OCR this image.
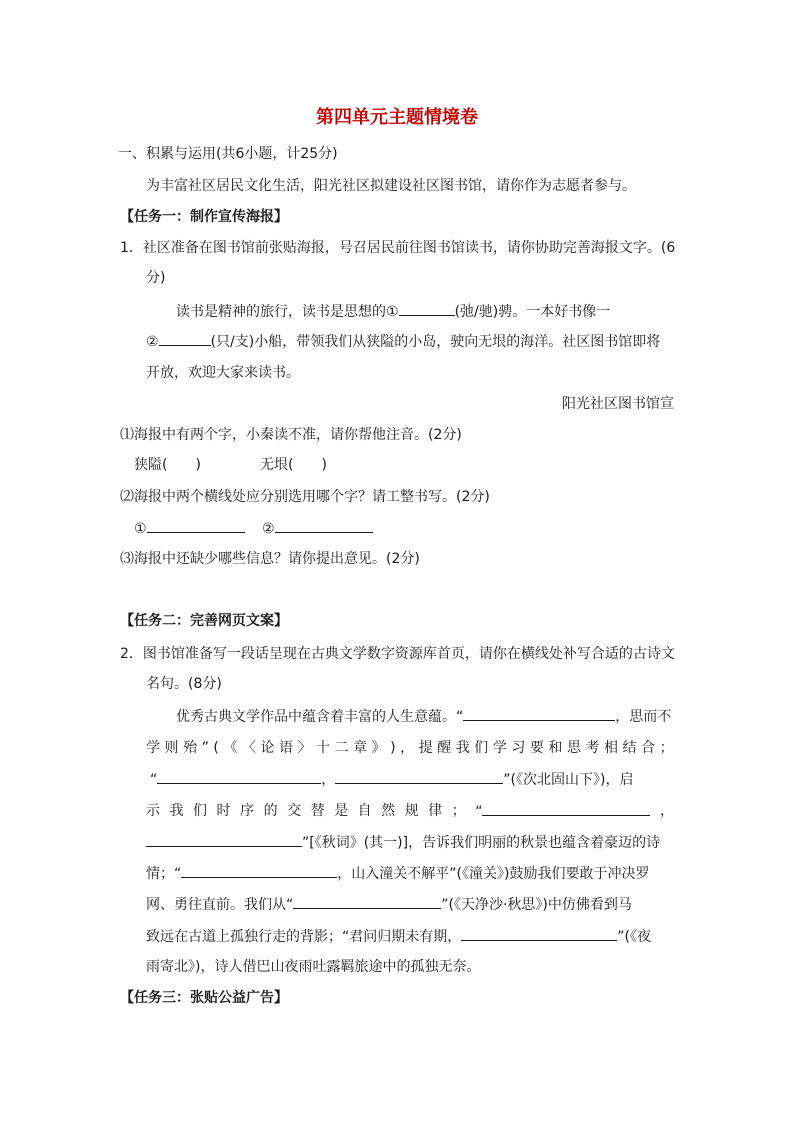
第四单元主题情境卷
一、积累与运用(共6小题，计25分)
为丰富社区居民文化生活，阳光社区拟建设社区图书馆，请你作为志愿者参与。
【任务一：制作宣传海报】
1．社区准备在图书馆前张贴海报，号召居民前往图书馆读书，请你协助完善海报文字。(6
分)
读书是精神的旅行，读书是思想的①	(弛/驰)骋。一本好书像一
②	(只/支)小船，带领我们从狭隘的小岛，驶向无垠的海洋。社区图书馆即将
开放，欢迎大家来读书。
阳光社区图书馆宣
⑴海报中有两个字，小秦读不准，请你帮他注音。(2分)
狭隘(　　)	无垠(　　)
⑵海报中两个横线处应分别选用哪个字？请工整书写。(2分)
①	②
⑶海报中还缺少哪些信息？请你提出意见。(2分)
【任务二：完善网页文案】
2．图书馆准备写一段话呈现在古典文学数字资源库首页，请你在横线处补写合适的古诗文
名句。(8分)
优秀古典文学作品中蕴含着丰富的人生意蕴。“	，思而不
学 则 殆 ” ( 《 〈 论 语 〉 十 二 章 》 ) ， 提 醒 我 们 学 习 要 和 思 考 相 结 合 ；
“	，	”(《次北固山下》)，启
示 我 们 时 序 的 交 替 是 自 然 规 律 ； “	，
”[《秋词》(其一)]，告诉我们明丽的秋景也蕴含着豪迈的诗
情；“	，山入潼关不解平”(《潼关》)鼓励我们要敢于冲决罗
网、勇往直前。我们从“	”(《天净沙·秋思》)中仿佛看到马
致远在古道上孤独行走的背影；“君问归期未有期，	”(《夜
雨寄北》)，诗人借巴山夜雨吐露羁旅途中的孤独无奈。
【任务三：张贴公益广告】
